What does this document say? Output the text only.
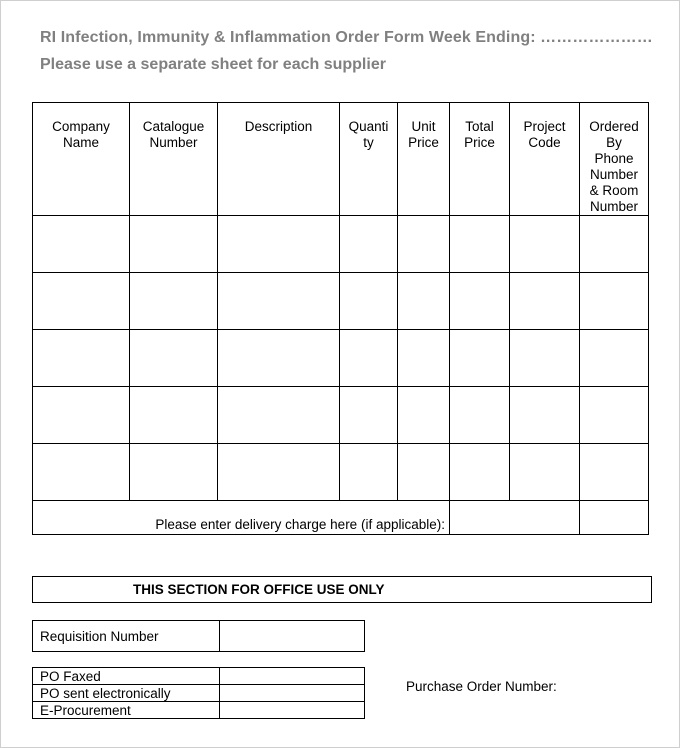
RI Infection, Immunity & Inflammation Order Form Week Ending: …………………
Please use a separate sheet for each supplier
Company Name	Catalogue Number	Description	Quanti ty	Unit Price	Total Price	Project Code	Ordered By Phone Number & Room Number

Please enter delivery charge here (if applicable):							
THIS SECTION FOR OFFICE USE ONLY
Requisition Number	
PO Faxed	
PO sent electronically	
E-Procurement	
Purchase Order Number:
